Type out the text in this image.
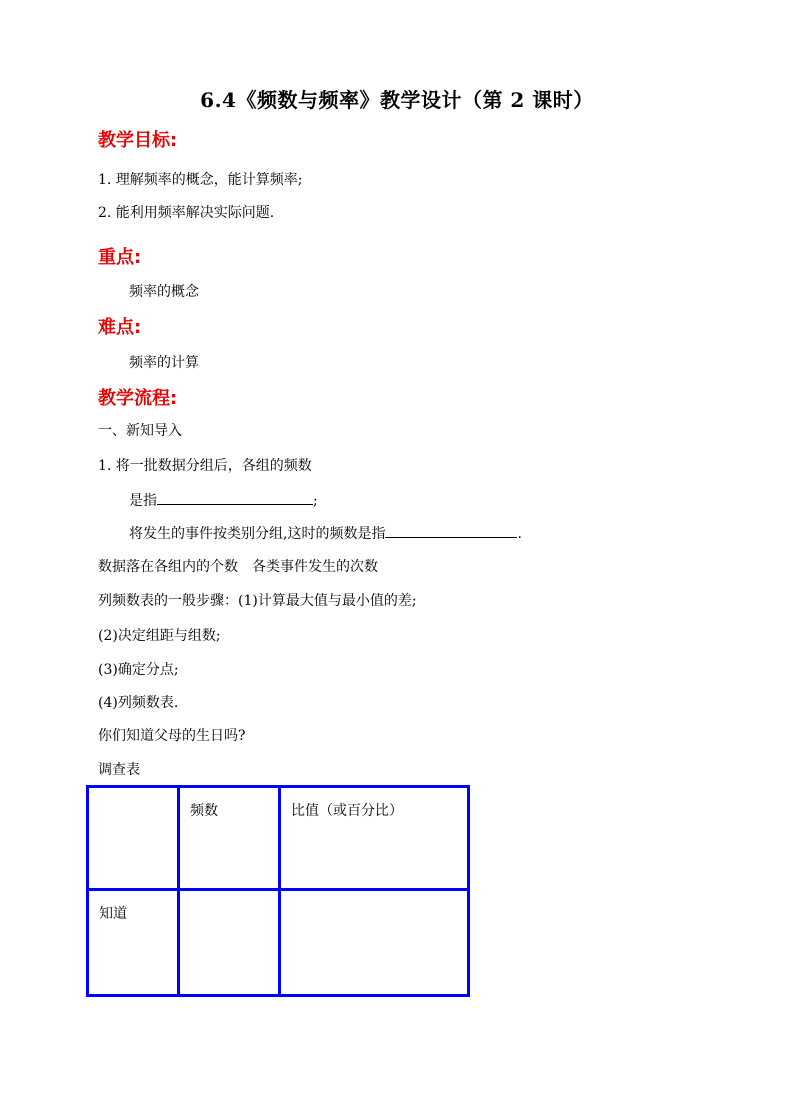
6.4《频数与频率》教学设计（第 2 课时）
教学目标:
1. 理解频率的概念，能计算频率;
2. 能利用频率解决实际问题.
重点:
频率的概念
难点:
频率的计算
教学流程:
一、新知导入
1. 将一批数据分组后，各组的频数
是指	;
将发生的事件按类别分组,这时的频数是指	.
数据落在各组内的个数　各类事件发生的次数
列频数表的一般步骤：(1)计算最大值与最小值的差;
(2)决定组距与组数;
(3)确定分点;
(4)列频数表.
你们知道父母的生日吗?
调查表
	频数	比值（或百分比）
知道		
